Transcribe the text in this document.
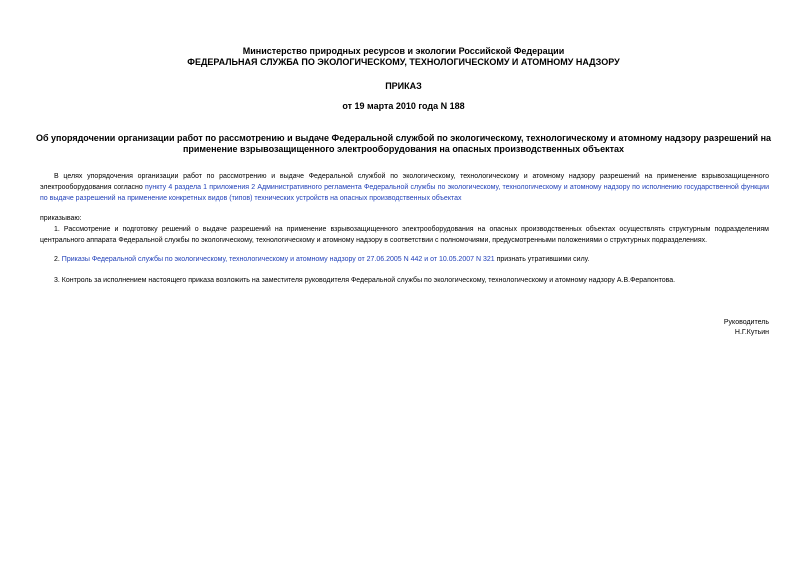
Министерство природных ресурсов и экологии Российской Федерации
ФЕДЕРАЛЬНАЯ СЛУЖБА ПО ЭКОЛОГИЧЕСКОМУ, ТЕХНОЛОГИЧЕСКОМУ И АТОМНОМУ НАДЗОРУ
ПРИКАЗ
от 19 марта 2010 года N 188
Об упорядочении организации работ по рассмотрению и выдаче Федеральной службой по экологическому, технологическому и атомному надзору разрешений на применение взрывозащищенного электрооборудования на опасных производственных объектах
В целях упорядочения организации работ по рассмотрению и выдаче Федеральной службой по экологическому, технологическому и атомному надзору разрешений на применение взрывозащищенного электрооборудования согласно пункту 4 раздела 1 приложения 2 Административного регламента Федеральной службы по экологическому, технологическому и атомному надзору по исполнению государственной функции по выдаче разрешений на применение конкретных видов (типов) технических устройств на опасных производственных объектах
приказываю:
1. Рассмотрение и подготовку решений о выдаче разрешений на применение взрывозащищенного электрооборудования на опасных производственных объектах осуществлять структурным подразделениям центрального аппарата Федеральной службы по экологическому, технологическому и атомному надзору в соответствии с полномочиями, предусмотренными положениями о структурных подразделениях.
2. Приказы Федеральной службы по экологическому, технологическому и атомному надзору от 27.06.2005 N 442 и от 10.05.2007 N 321 признать утратившими силу.
3. Контроль за исполнением настоящего приказа возложить на заместителя руководителя Федеральной службы по экологическому, технологическому и атомному надзору А.В.Ферапонтова.
Руководитель
Н.Г.Кутьин
